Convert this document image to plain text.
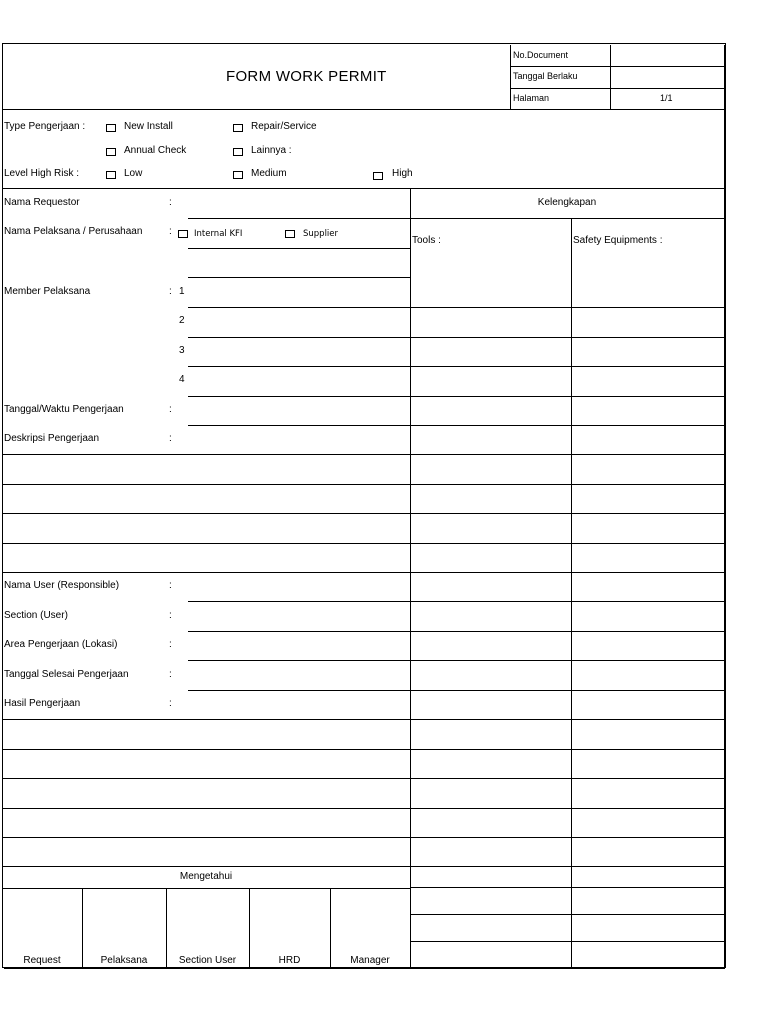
FORM WORK PERMIT
No.Document
Tanggal Berlaku
Halaman	1/1
Type Pengerjaan :	New Install	Repair/Service
Annual Check	Lainnya :
Level High Risk :	Low	Medium	High
Nama Requestor	:
Nama Pelaksana / Perusahaan	:	Internal KFI	Supplier
Member Pelaksana	: 1
2
3
4
Tanggal/Waktu Pengerjaan	:
Deskripsi Pengerjaan	:
Nama User (Responsible)	:
Section (User)	:
Area Pengerjaan (Lokasi)	:
Tanggal Selesai Pengerjaan	:
Hasil Pengerjaan	:
Kelengkapan
Tools :	Safety Equipments :
Mengetahui
Request	Pelaksana	Section User	HRD	Manager
